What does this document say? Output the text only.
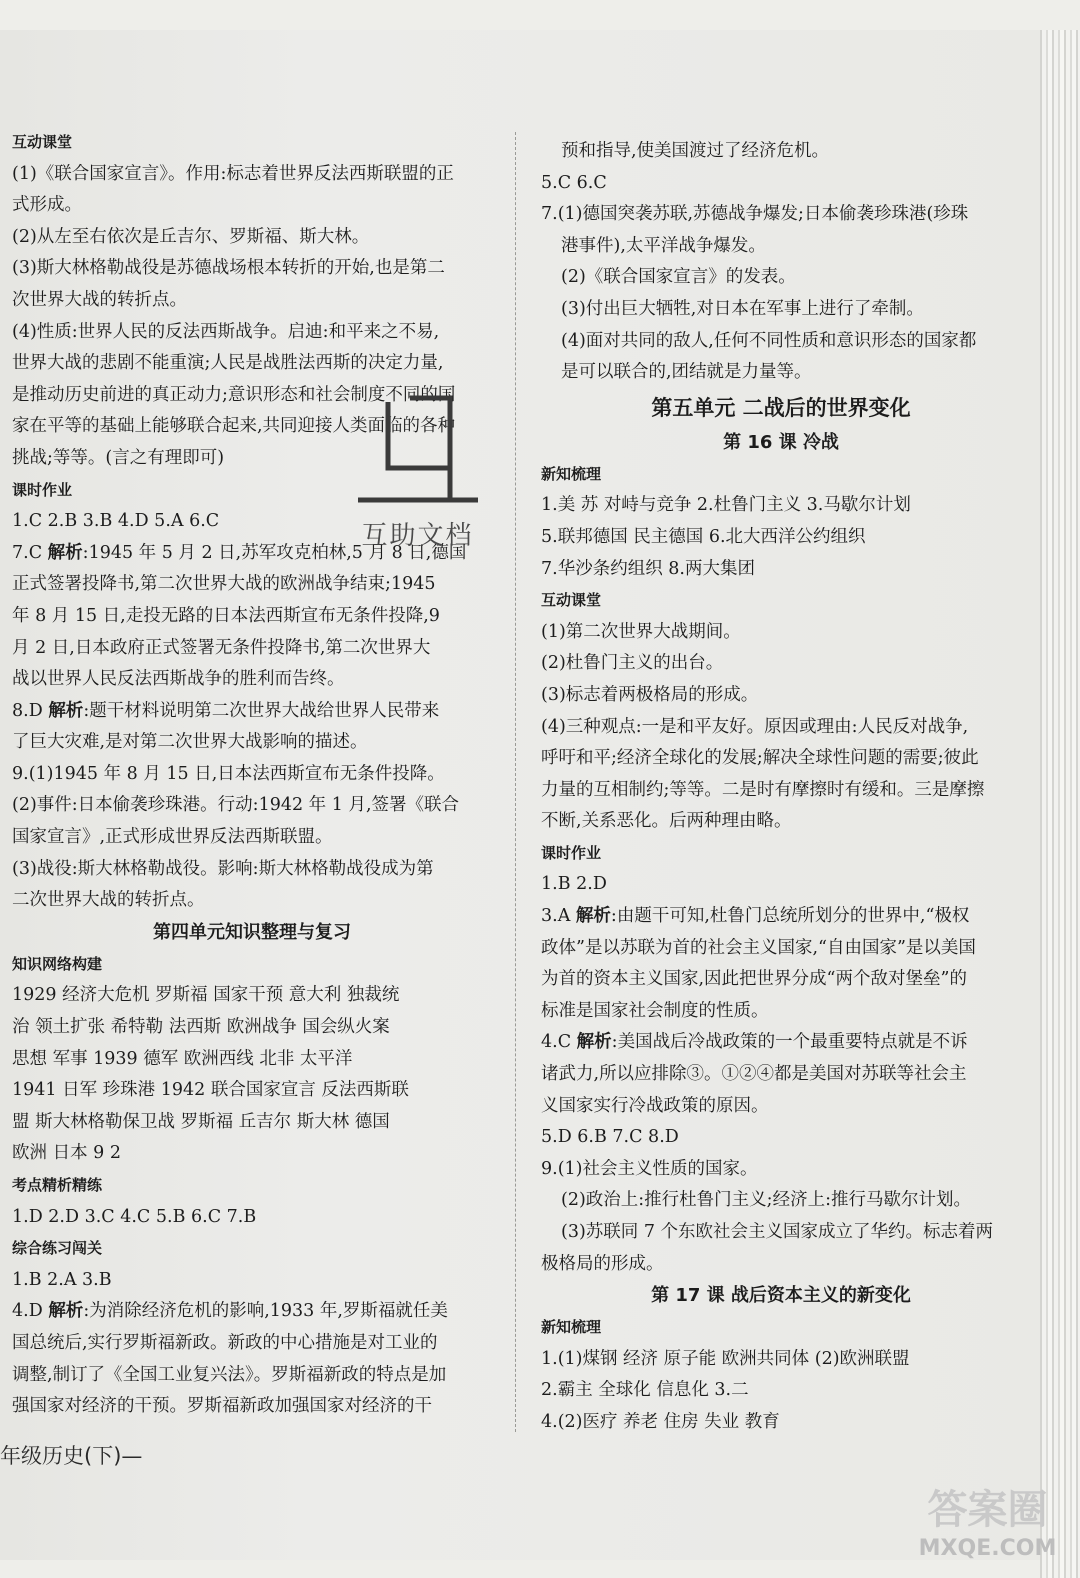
互动课堂
(1)《联合国家宣言》。作用:标志着世界反法西斯联盟的正
式形成。
(2)从左至右依次是丘吉尔、罗斯福、斯大林。
(3)斯大林格勒战役是苏德战场根本转折的开始,也是第二
次世界大战的转折点。
(4)性质:世界人民的反法西斯战争。启迪:和平来之不易,
世界大战的悲剧不能重演;人民是战胜法西斯的决定力量,
是推动历史前进的真正动力;意识形态和社会制度不同的国
家在平等的基础上能够联合起来,共同迎接人类面临的各种
挑战;等等。(言之有理即可)
课时作业
1.C 2.B 3.B 4.D 5.A 6.C
7.C 解析:1945 年 5 月 2 日,苏军攻克柏林,5 月 8 日,德国
正式签署投降书,第二次世界大战的欧洲战争结束;1945
年 8 月 15 日,走投无路的日本法西斯宣布无条件投降,9
月 2 日,日本政府正式签署无条件投降书,第二次世界大
战以世界人民反法西斯战争的胜利而告终。
8.D 解析:题干材料说明第二次世界大战给世界人民带来
了巨大灾难,是对第二次世界大战影响的描述。
9.(1)1945 年 8 月 15 日,日本法西斯宣布无条件投降。
(2)事件:日本偷袭珍珠港。行动:1942 年 1 月,签署《联合
国家宣言》,正式形成世界反法西斯联盟。
(3)战役:斯大林格勒战役。影响:斯大林格勒战役成为第
二次世界大战的转折点。
第四单元知识整理与复习
知识网络构建
1929 经济大危机 罗斯福 国家干预 意大利 独裁统
治 领土扩张 希特勒 法西斯 欧洲战争 国会纵火案
思想 军事 1939 德军 欧洲西线 北非 太平洋
1941 日军 珍珠港 1942 联合国家宣言 反法西斯联
盟 斯大林格勒保卫战 罗斯福 丘吉尔 斯大林 德国
欧洲 日本 9 2
考点精析精练
1.D 2.D 3.C 4.C 5.B 6.C 7.B
综合练习闯关
1.B 2.A 3.B
4.D 解析:为消除经济危机的影响,1933 年,罗斯福就任美
国总统后,实行罗斯福新政。新政的中心措施是对工业的
调整,制订了《全国工业复兴法》。罗斯福新政的特点是加
强国家对经济的干预。罗斯福新政加强国家对经济的干
预和指导,使美国渡过了经济危机。
5.C 6.C
7.(1)德国突袭苏联,苏德战争爆发;日本偷袭珍珠港(珍珠
港事件),太平洋战争爆发。
(2)《联合国家宣言》的发表。
(3)付出巨大牺牲,对日本在军事上进行了牵制。
(4)面对共同的敌人,任何不同性质和意识形态的国家都
是可以联合的,团结就是力量等。
第五单元 二战后的世界变化
第 16 课 冷战
新知梳理
1.美 苏 对峙与竞争 2.杜鲁门主义 3.马歇尔计划
5.联邦德国 民主德国 6.北大西洋公约组织
7.华沙条约组织 8.两大集团
互动课堂
(1)第二次世界大战期间。
(2)杜鲁门主义的出台。
(3)标志着两极格局的形成。
(4)三种观点:一是和平友好。原因或理由:人民反对战争,
呼吁和平;经济全球化的发展;解决全球性问题的需要;彼此
力量的互相制约;等等。二是时有摩擦时有缓和。三是摩擦
不断,关系恶化。后两种理由略。
课时作业
1.B 2.D
3.A 解析:由题干可知,杜鲁门总统所划分的世界中,“极权
政体”是以苏联为首的社会主义国家,“自由国家”是以美国
为首的资本主义国家,因此把世界分成“两个敌对堡垒”的
标准是国家社会制度的性质。
4.C 解析:美国战后冷战政策的一个最重要特点就是不诉
诸武力,所以应排除③。①②④都是美国对苏联等社会主
义国家实行冷战政策的原因。
5.D 6.B 7.C 8.D
9.(1)社会主义性质的国家。
(2)政治上:推行杜鲁门主义;经济上:推行马歇尔计划。
(3)苏联同 7 个东欧社会主义国家成立了华约。标志着两
极格局的形成。
第 17 课 战后资本主义的新变化
新知梳理
1.(1)煤钢 经济 原子能 欧洲共同体 (2)欧洲联盟
2.霸主 全球化 信息化 3.二
4.(2)医疗 养老 住房 失业 教育
互助文档
年级历史(下)—
答案圈
MXQE.COM
